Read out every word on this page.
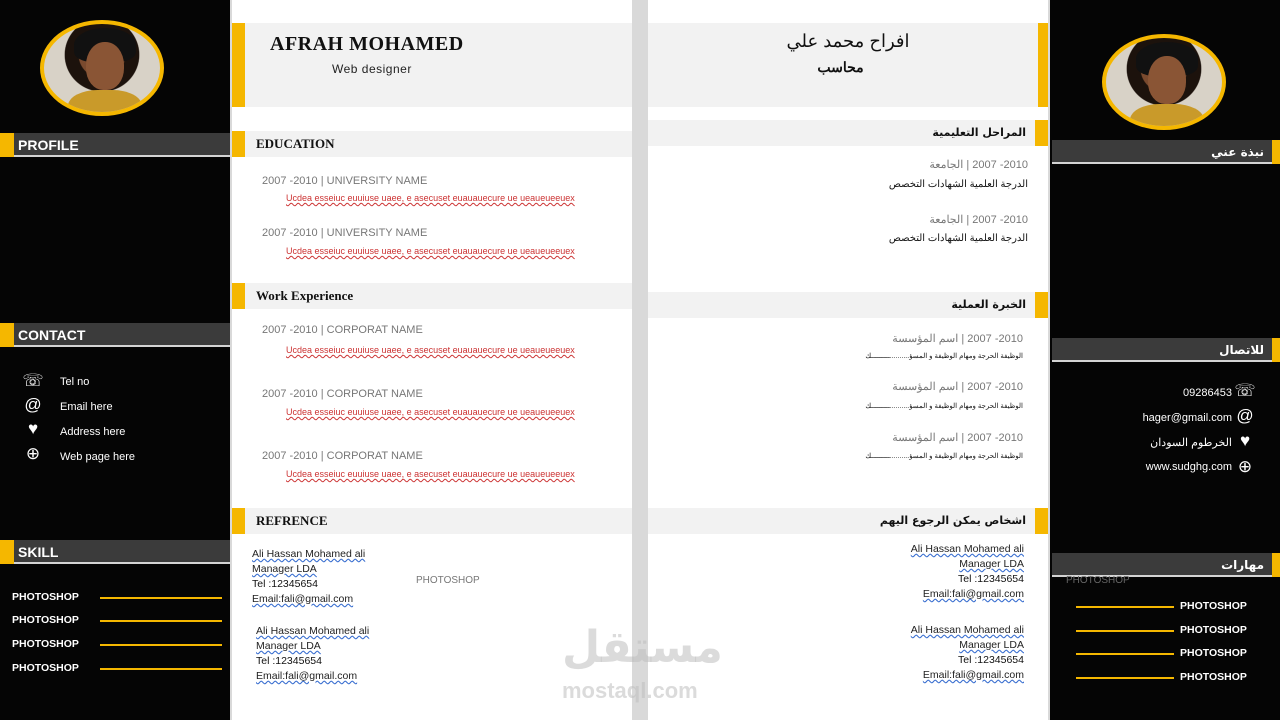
PROFILE
CONTACT
☏ Tel no
@ Email here
♥	Address here
⊕	Web page here
SKILL
PHOTOSHOP
PHOTOSHOP
PHOTOSHOP
PHOTOSHOP
AFRAH MOHAMED
Web designer
EDUCATION
2007 -2010 | UNIVERSITY NAME
Ucdea esseiuc euuiuse uaee, e asecuset euauauecure ue ueaueueeuex
2007 -2010 | UNIVERSITY NAME
Ucdea esseiuc euuiuse uaee, e asecuset euauauecure ue ueaueueeuex
Work Experience
2007 -2010 | CORPORAT NAME
Ucdea esseiuc euuiuse uaee, e asecuset euauauecure ue ueaueueeuex
2007 -2010 | CORPORAT NAME
Ucdea esseiuc euuiuse uaee, e asecuset euauauecure ue ueaueueeuex
2007 -2010 | CORPORAT NAME
Ucdea esseiuc euuiuse uaee, e asecuset euauauecure ue ueaueueeuex
REFRENCE
Ali Hassan Mohamed ali
Manager LDA
Tel :12345654
Email:fali@gmail.com
PHOTOSHOP
Ali Hassan Mohamed ali
Manager LDA
Tel :12345654
Email:fali@gmail.com
افراح محمد علي
محاسب
المراحل التعليمية
2010- 2007 | الجامعة
الدرجة العلمية الشهادات التخصص
2010- 2007 | الجامعة
الدرجة العلمية الشهادات التخصص
الخبرة العملية
2010- 2007 | اسم المؤسسة
الوظيفة الحرجة ومهام الوظيفة و المسؤ..........ـــــــــك
2010- 2007 | اسم المؤسسة
الوظيفة الحرجة ومهام الوظيفة و المسؤ..........ـــــــــك
2010- 2007 | اسم المؤسسة
الوظيفة الحرجة ومهام الوظيفة و المسؤ..........ـــــــــك
اشخاص يمكن الرجوع اليهم
Ali Hassan Mohamed ali
Manager LDA
Tel :12345654
Email:fali@gmail.com
Ali Hassan Mohamed ali
Manager LDA
Tel :12345654
Email:fali@gmail.com
نبذة عني
للاتصال
09286453 ☏
hager@gmail.com @
الخرطوم السودان ♥
www.sudghg.com ⊕
مهارات
PHOTOSHOP
PHOTOSHOP
PHOTOSHOP
PHOTOSHOP
PHOTOSHOP
مستقل
mostaql.com
